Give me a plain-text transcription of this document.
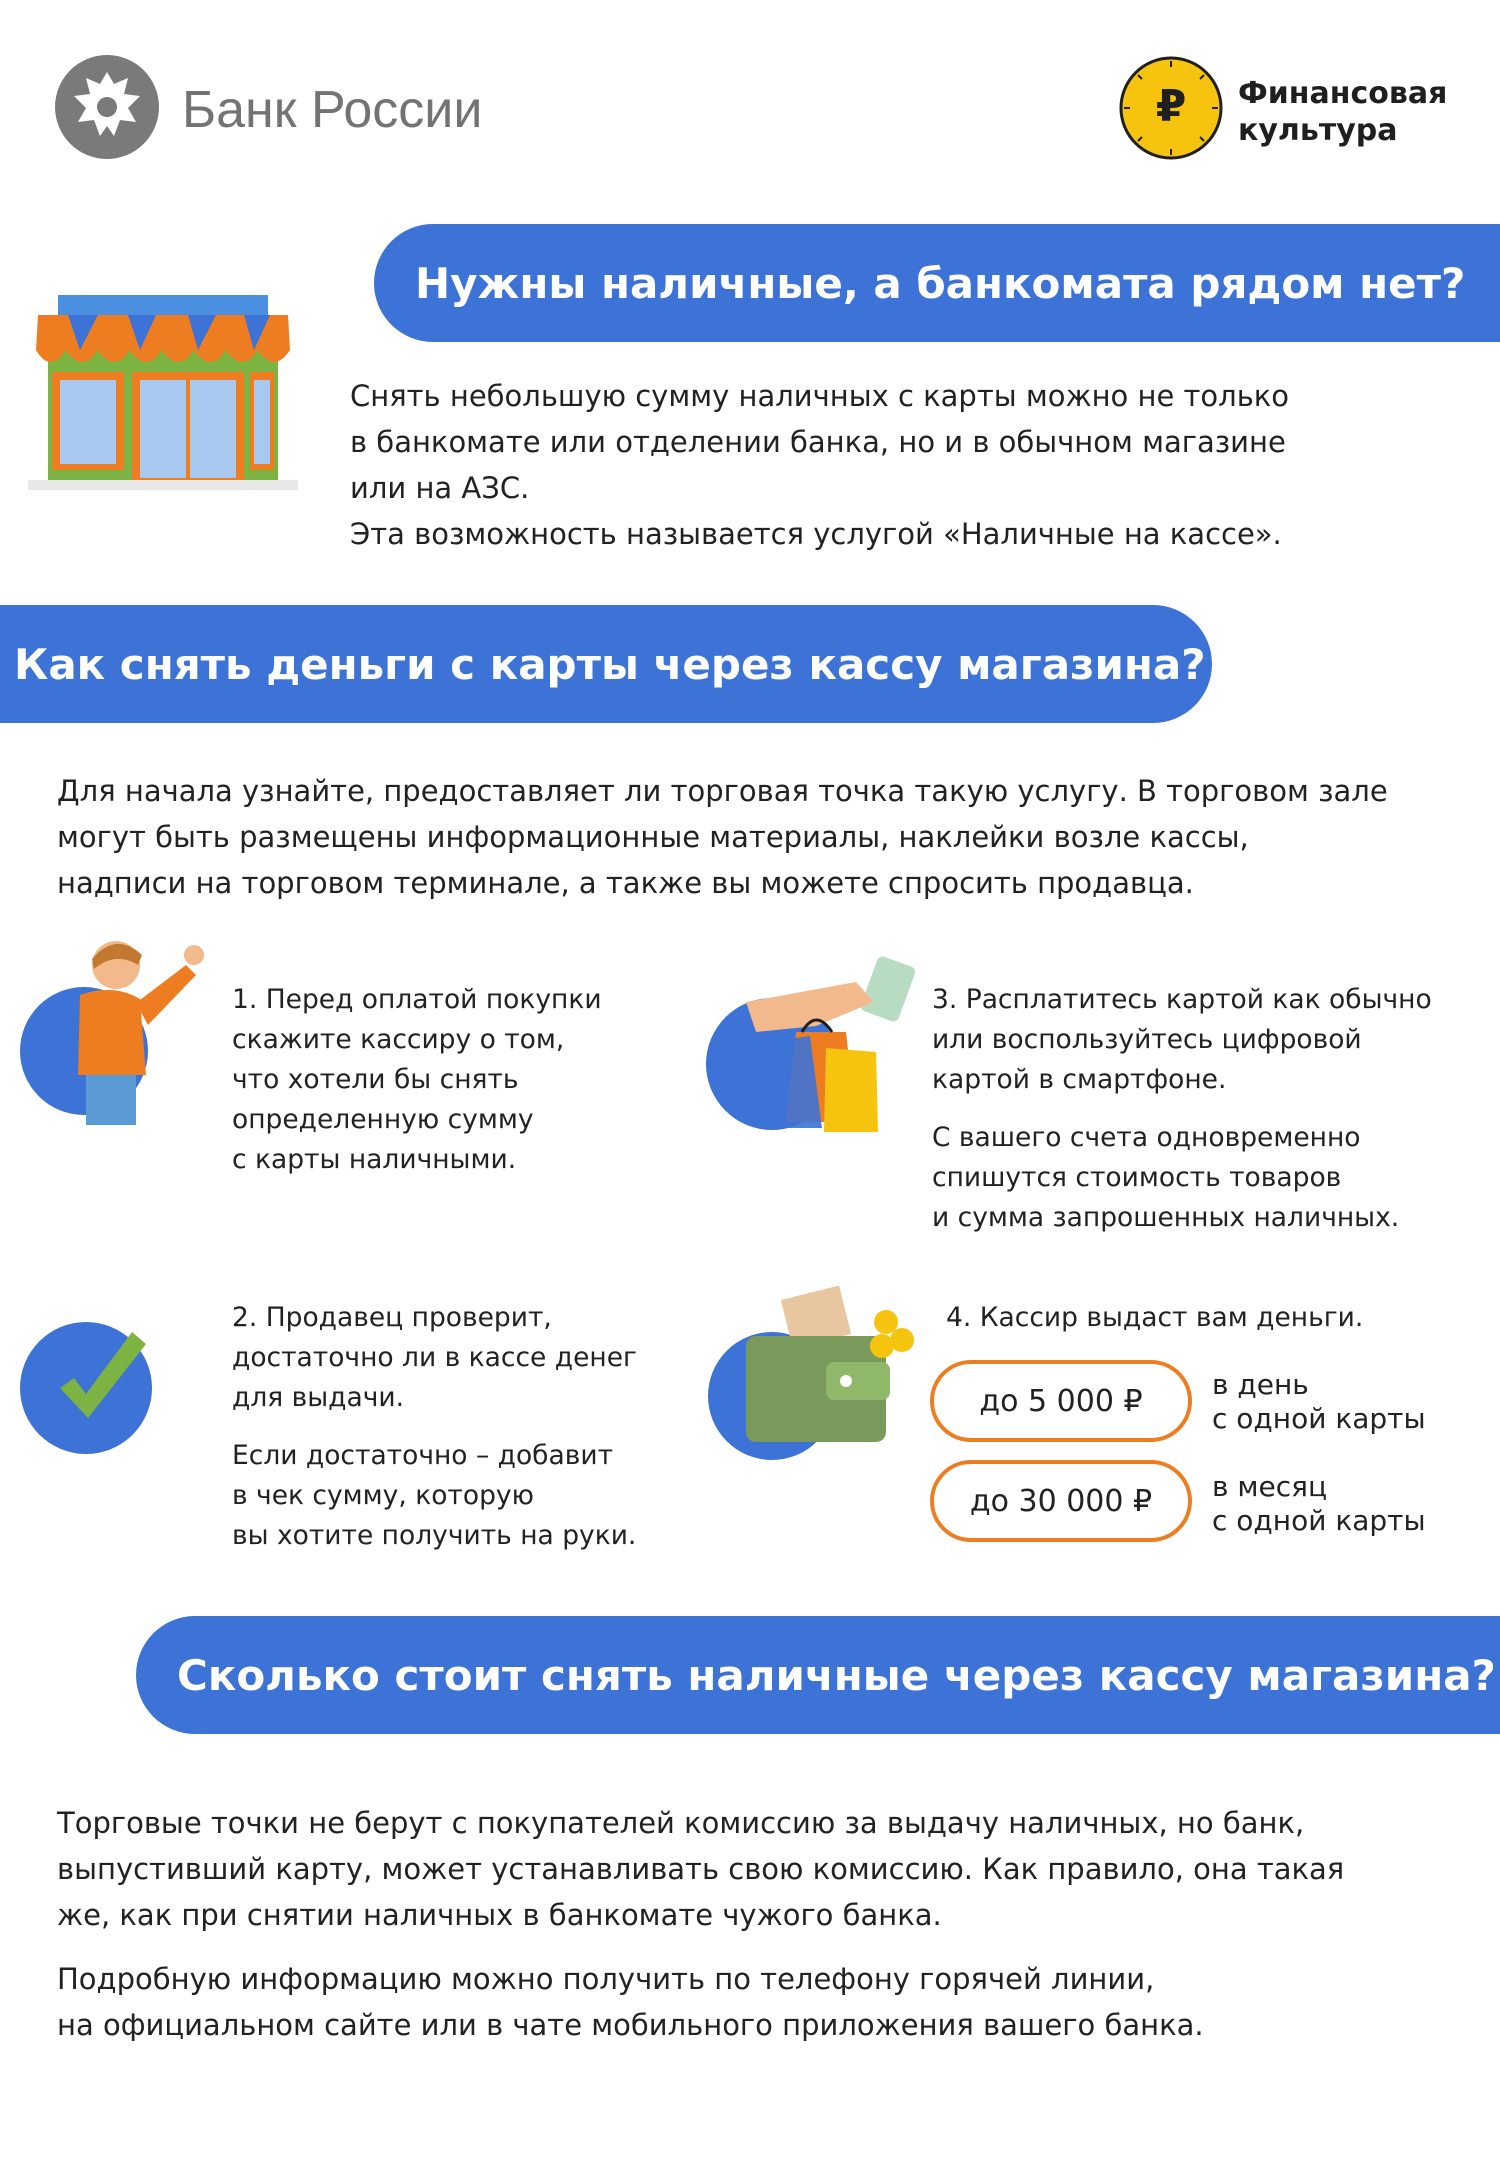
Банк России	₽	Финансовая
культура
Нужны наличные, а банкомата рядом нет?
Снять небольшую сумму наличных с карты можно не только
в банкомате или отделении банка, но и в обычном магазине
или на АЗС.
Эта возможность называется услугой «Наличные на кассе».
Как снять деньги с карты через кассу магазина?
Для начала узнайте, предоставляет ли торговая точка такую услугу. В торговом зале
могут быть размещены информационные материалы, наклейки возле кассы,
надписи на торговом терминале, а также вы можете спросить продавца.
1. Перед оплатой покупки
скажите кассиру о том,
что хотели бы снять
определенную сумму
с карты наличными.
2. Продавец проверит,
достаточно ли в кассе денег
для выдачи.
Если достаточно – добавит
в чек сумму, которую
вы хотите получить на руки.
3. Расплатитесь картой как обычно
или воспользуйтесь цифровой
картой в смартфоне.
С вашего счета одновременно
спишутся стоимость товаров
и сумма запрошенных наличных.
4. Кассир выдаст вам деньги.
до 5 000 ₽ в день
с одной карты
до 30 000 ₽ в месяц
с одной карты
Сколько стоит снять наличные через кассу магазина?
Торговые точки не берут с покупателей комиссию за выдачу наличных, но банк,
выпустивший карту, может устанавливать свою комиссию. Как правило, она такая
же, как при снятии наличных в банкомате чужого банка.
Подробную информацию можно получить по телефону горячей линии,
на официальном сайте или в чате мобильного приложения вашего банка.
